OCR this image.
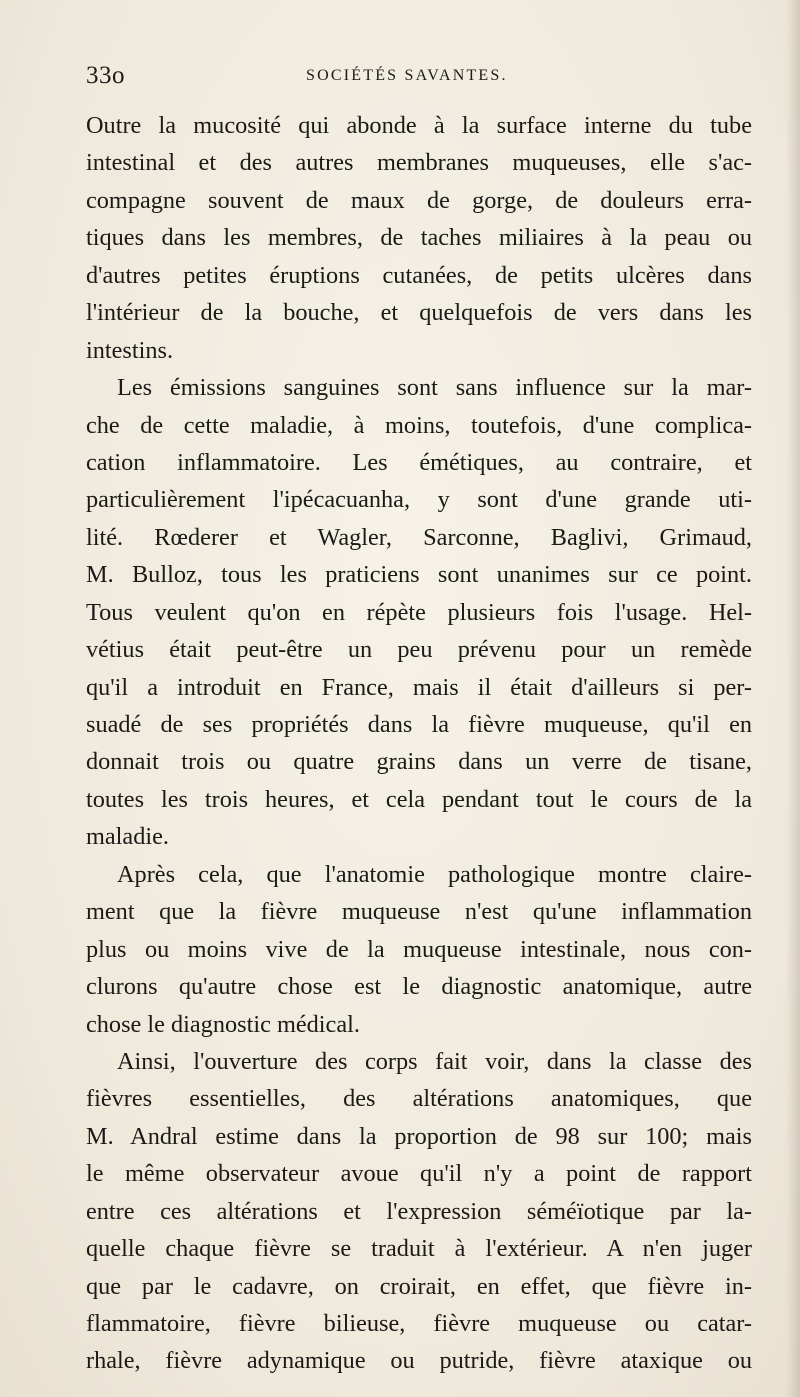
33o	SOCIÉTÉS SAVANTES.
Outre la mucosité qui abonde à la surface interne du tube
intestinal et des autres membranes muqueuses, elle s'ac-
compagne souvent de maux de gorge, de douleurs erra-
tiques dans les membres, de taches miliaires à la peau ou
d'autres petites éruptions cutanées, de petits ulcères dans
l'intérieur de la bouche, et quelquefois de vers dans les
intestins.
Les émissions sanguines sont sans influence sur la mar-
che de cette maladie, à moins, toutefois, d'une complica-
cation inflammatoire. Les émétiques, au contraire, et
particulièrement l'ipécacuanha, y sont d'une grande uti-
lité. Rœderer et Wagler, Sarconne, Baglivi, Grimaud,
M. Bulloz, tous les praticiens sont unanimes sur ce point.
Tous veulent qu'on en répète plusieurs fois l'usage. Hel-
vétius était peut-être un peu prévenu pour un remède
qu'il a introduit en France, mais il était d'ailleurs si per-
suadé de ses propriétés dans la fièvre muqueuse, qu'il en
donnait trois ou quatre grains dans un verre de tisane,
toutes les trois heures, et cela pendant tout le cours de la
maladie.
Après cela, que l'anatomie pathologique montre claire-
ment que la fièvre muqueuse n'est qu'une inflammation
plus ou moins vive de la muqueuse intestinale, nous con-
clurons qu'autre chose est le diagnostic anatomique, autre
chose le diagnostic médical.
Ainsi, l'ouverture des corps fait voir, dans la classe des
fièvres essentielles, des altérations anatomiques, que
M. Andral estime dans la proportion de 98 sur 100; mais
le même observateur avoue qu'il n'y a point de rapport
entre ces altérations et l'expression séméïotique par la-
quelle chaque fièvre se traduit à l'extérieur. A n'en juger
que par le cadavre, on croirait, en effet, que fièvre in-
flammatoire, fièvre bilieuse, fièvre muqueuse ou catar-
rhale, fièvre adynamique ou putride, fièvre ataxique ou
